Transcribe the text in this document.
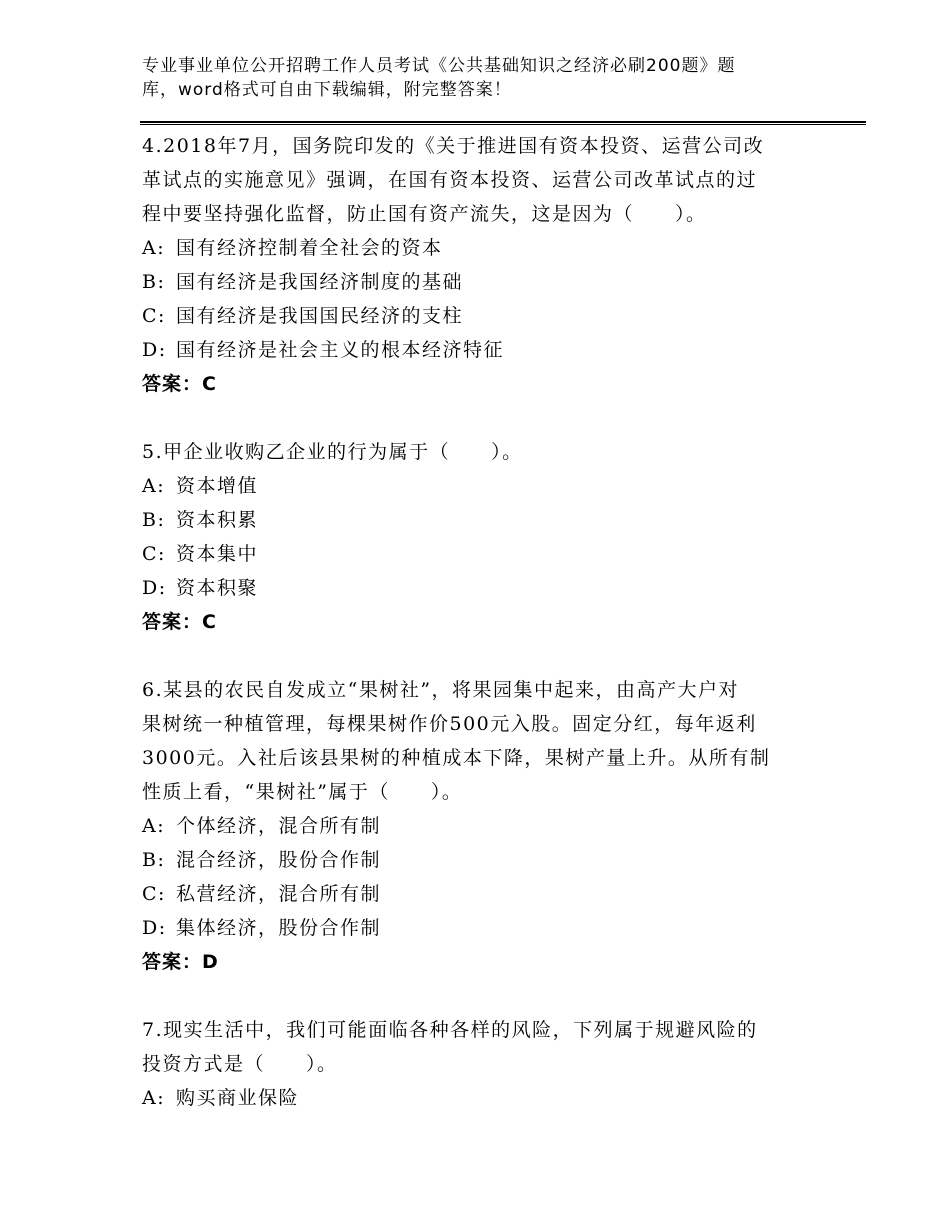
专业事业单位公开招聘工作人员考试《公共基础知识之经济必刷200题》题
库，word格式可自由下载编辑，附完整答案！
4.2018年7月，国务院印发的《关于推进国有资本投资、运营公司改
革试点的实施意见》强调，在国有资本投资、运营公司改革试点的过
程中要坚持强化监督，防止国有资产流失，这是因为（　　）。
A: 国有经济控制着全社会的资本
B: 国有经济是我国经济制度的基础
C: 国有经济是我国国民经济的支柱
D: 国有经济是社会主义的根本经济特征
答案：C
5.甲企业收购乙企业的行为属于（　　）。
A: 资本增值
B: 资本积累
C: 资本集中
D: 资本积聚
答案：C
6.某县的农民自发成立“果树社”，将果园集中起来，由高产大户对
果树统一种植管理，每棵果树作价500元入股。固定分红，每年返利
3000元。入社后该县果树的种植成本下降，果树产量上升。从所有制
性质上看，“果树社”属于（　　）。
A: 个体经济，混合所有制
B: 混合经济，股份合作制
C: 私营经济，混合所有制
D: 集体经济，股份合作制
答案：D
7.现实生活中，我们可能面临各种各样的风险，下列属于规避风险的
投资方式是（　　）。
A: 购买商业保险
